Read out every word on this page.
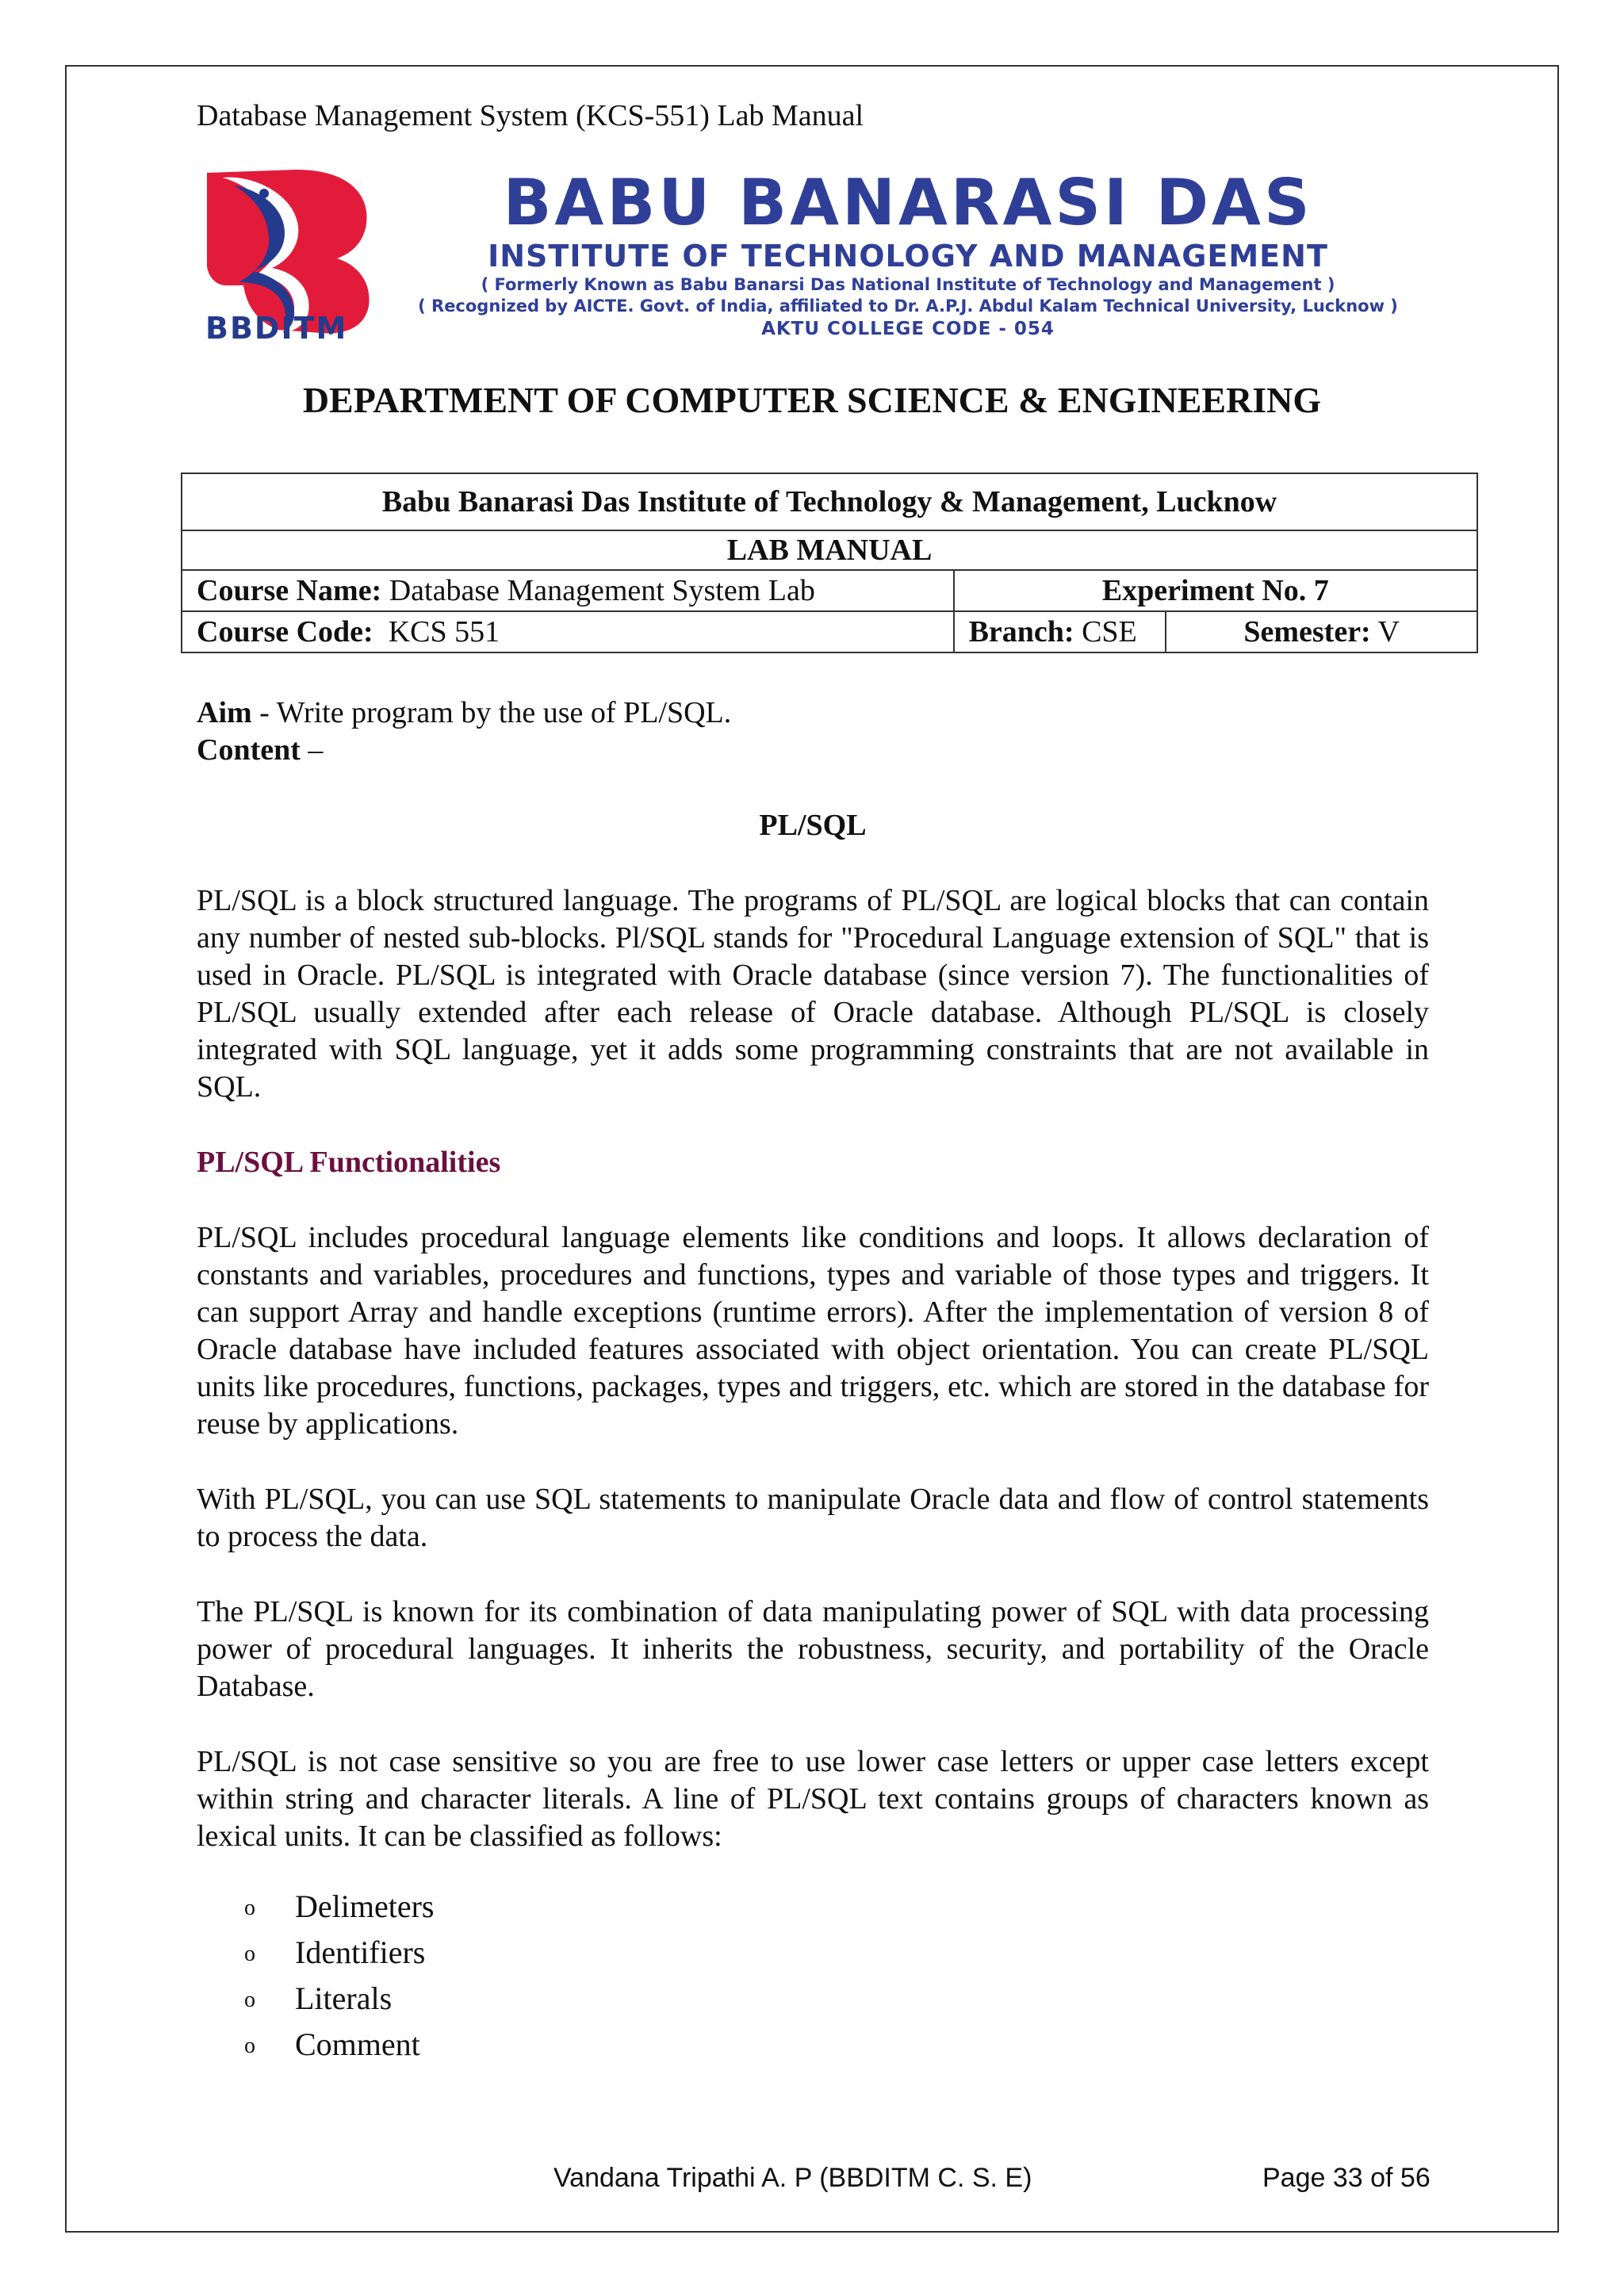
Database Management System (KCS-551) Lab Manual
BBDITM
BABU BANARASI DAS
INSTITUTE OF TECHNOLOGY AND MANAGEMENT
( Formerly Known as Babu Banarsi Das National Institute of Technology and Management )
( Recognized by AICTE. Govt. of India, affiliated to Dr. A.P.J. Abdul Kalam Technical University, Lucknow )
AKTU COLLEGE CODE - 054
DEPARTMENT OF COMPUTER SCIENCE & ENGINEERING
Babu Banarasi Das Institute of Technology & Management, Lucknow		
LAB MANUAL		
Course Name: Database Management System Lab	Experiment No. 7	
Course Code:  KCS 551	Branch: CSE	Semester: V

Aim - Write program by the use of PL/SQL.

Content –

PL/SQL

PL/SQL is a block structured language. The programs of PL/SQL are logical blocks that can contain any number of nested sub-blocks. Pl/SQL stands for "Procedural Language extension of SQL" that is used in Oracle. PL/SQL is integrated with Oracle database (since version 7). The functionalities of PL/SQL usually extended after each release of Oracle database. Although PL/SQL is closely integrated with SQL language, yet it adds some programming constraints that are not available in SQL.

PL/SQL Functionalities

PL/SQL includes procedural language elements like conditions and loops. It allows declaration of constants and variables, procedures and functions, types and variable of those types and triggers. It can support Array and handle exceptions (runtime errors). After the implementation of version 8 of Oracle database have included features associated with object orientation. You can create PL/SQL units like procedures, functions, packages, types and triggers, etc. which are stored in the database for reuse by applications.

With PL/SQL, you can use SQL statements to manipulate Oracle data and flow of control statements to process the data.

The PL/SQL is known for its combination of data manipulating power of SQL with data processing power of procedural languages. It inherits the robustness, security, and portability of the Oracle Database.

PL/SQL is not case sensitive so you are free to use lower case letters or upper case letters except within string and character literals. A line of PL/SQL text contains groups of characters known as lexical units. It can be classified as follows:

o Delimeters
o Identifiers
o Literals
o Comment
Vandana Tripathi A. P (BBDITM C. S. E)	Page 33 of 56
